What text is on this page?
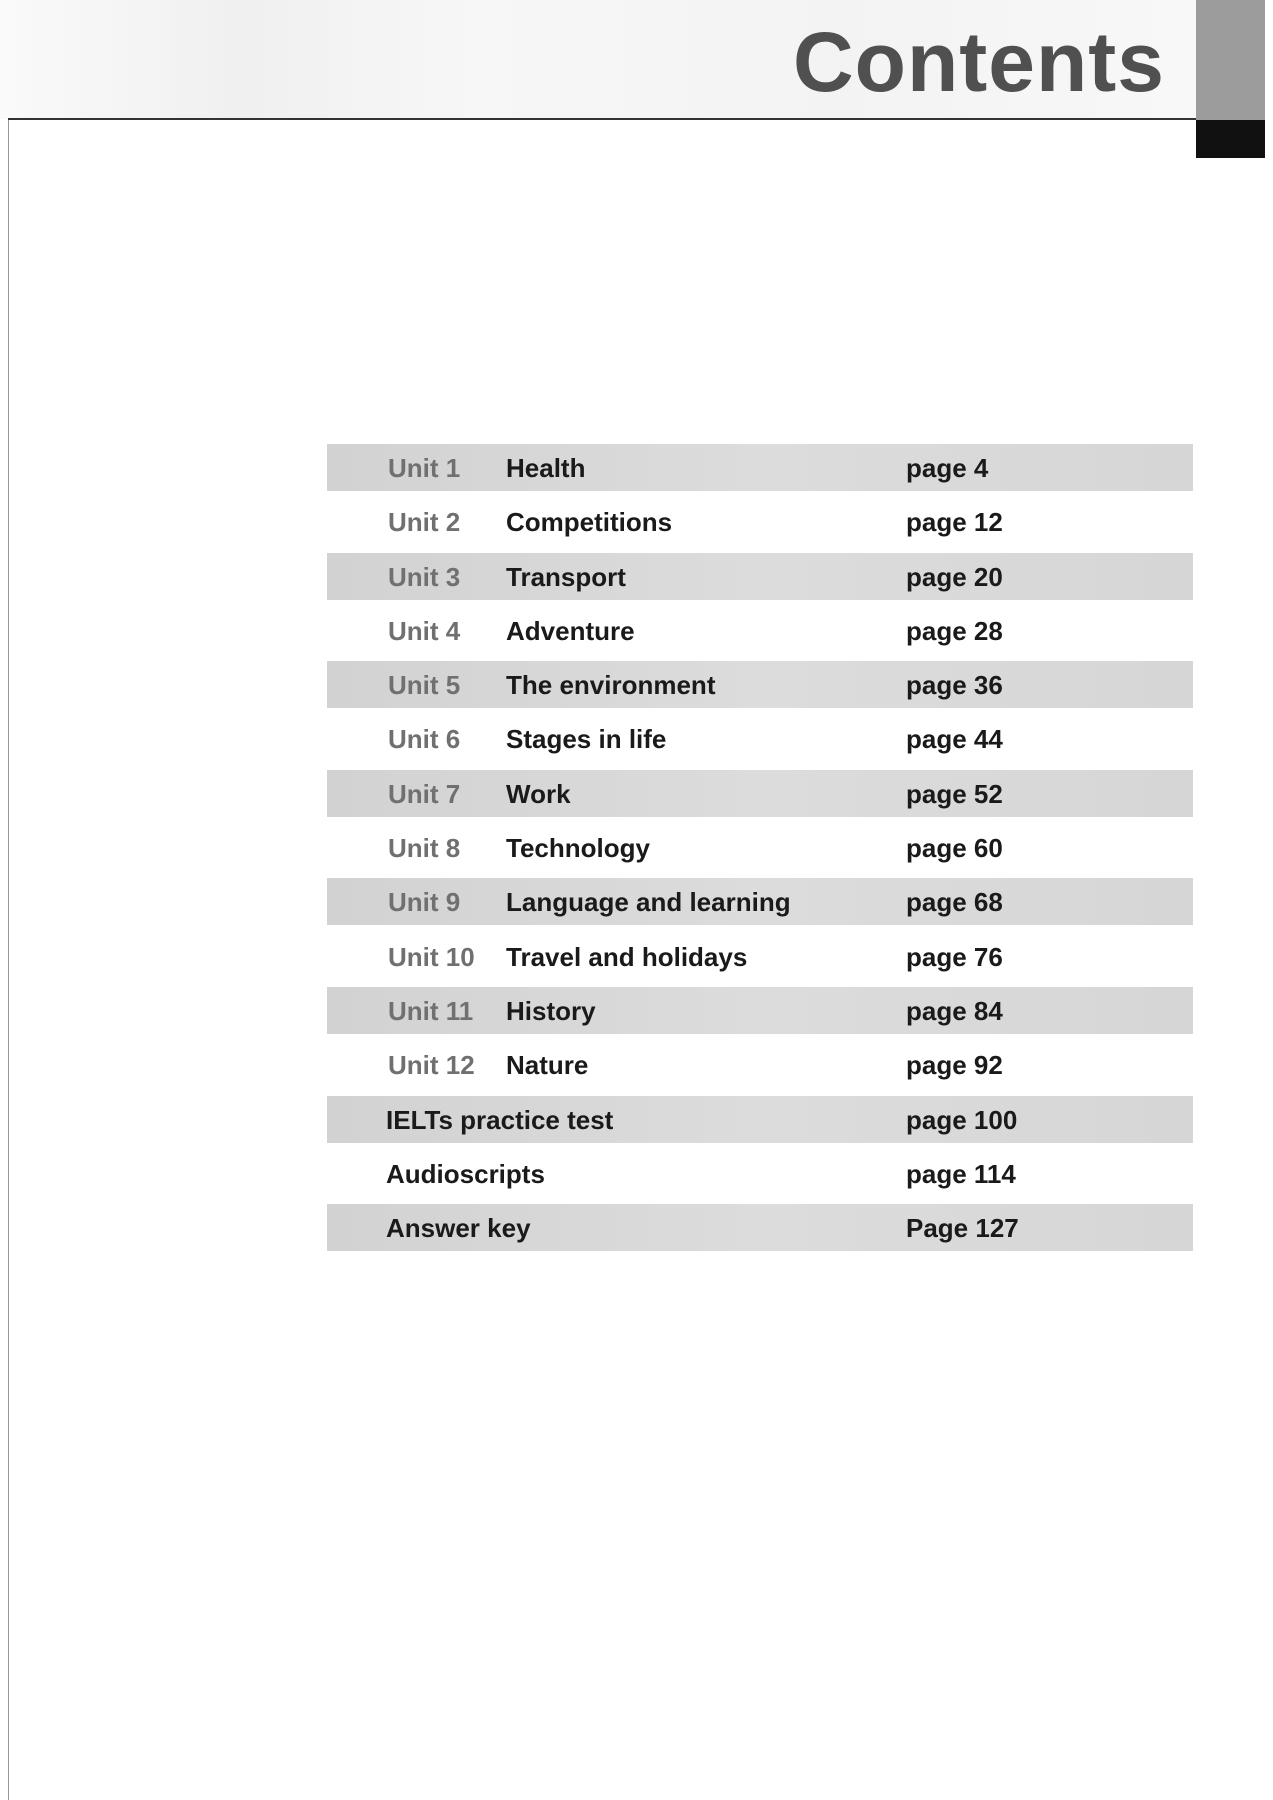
Contents
Unit 1 Health	page 4
Unit 2 Competitions	page 12
Unit 3 Transport	page 20
Unit 4 Adventure	page 28
Unit 5 The environment	page 36
Unit 6 Stages in life	page 44
Unit 7 Work	page 52
Unit 8 Technology	page 60
Unit 9 Language and learning	page 68
Unit 10 Travel and holidays	page 76
Unit 11 History	page 84
Unit 12 Nature	page 92
IELTs practice test	page 100
Audioscripts	page 114
Answer key	Page 127
